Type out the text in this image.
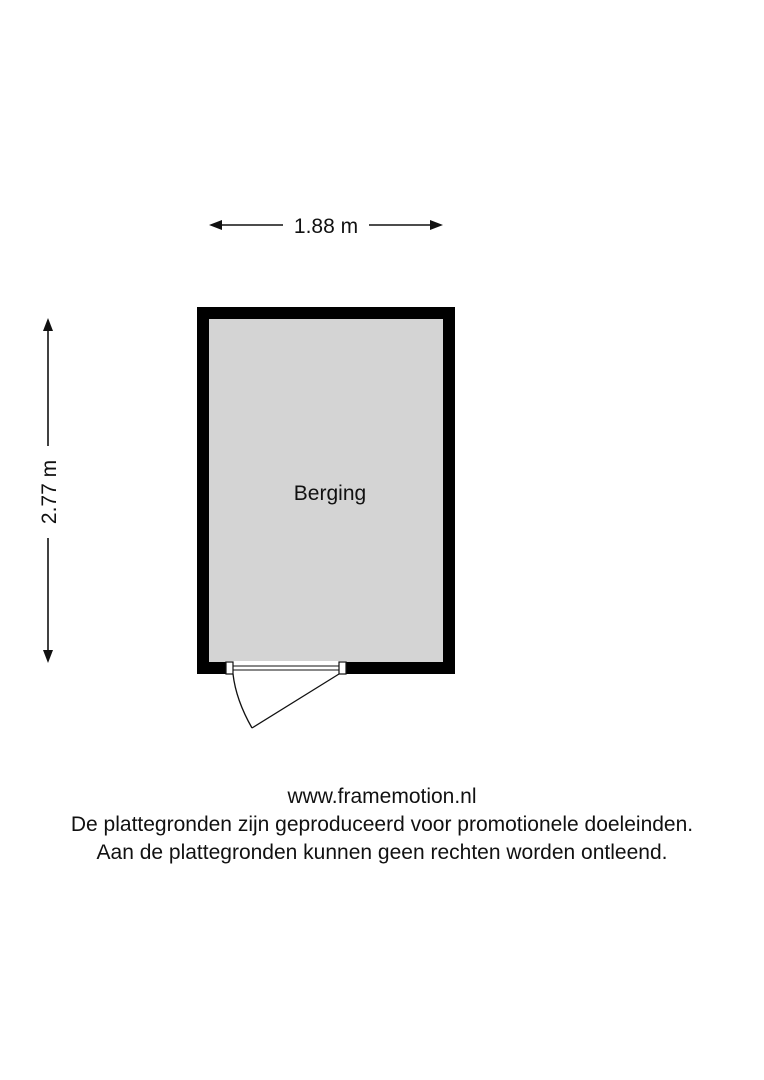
1.88 m
2.77 m	Berging
www.framemotion.nl
De plattegronden zijn geproduceerd voor promotionele doeleinden.
Aan de plattegronden kunnen geen rechten worden ontleend.
